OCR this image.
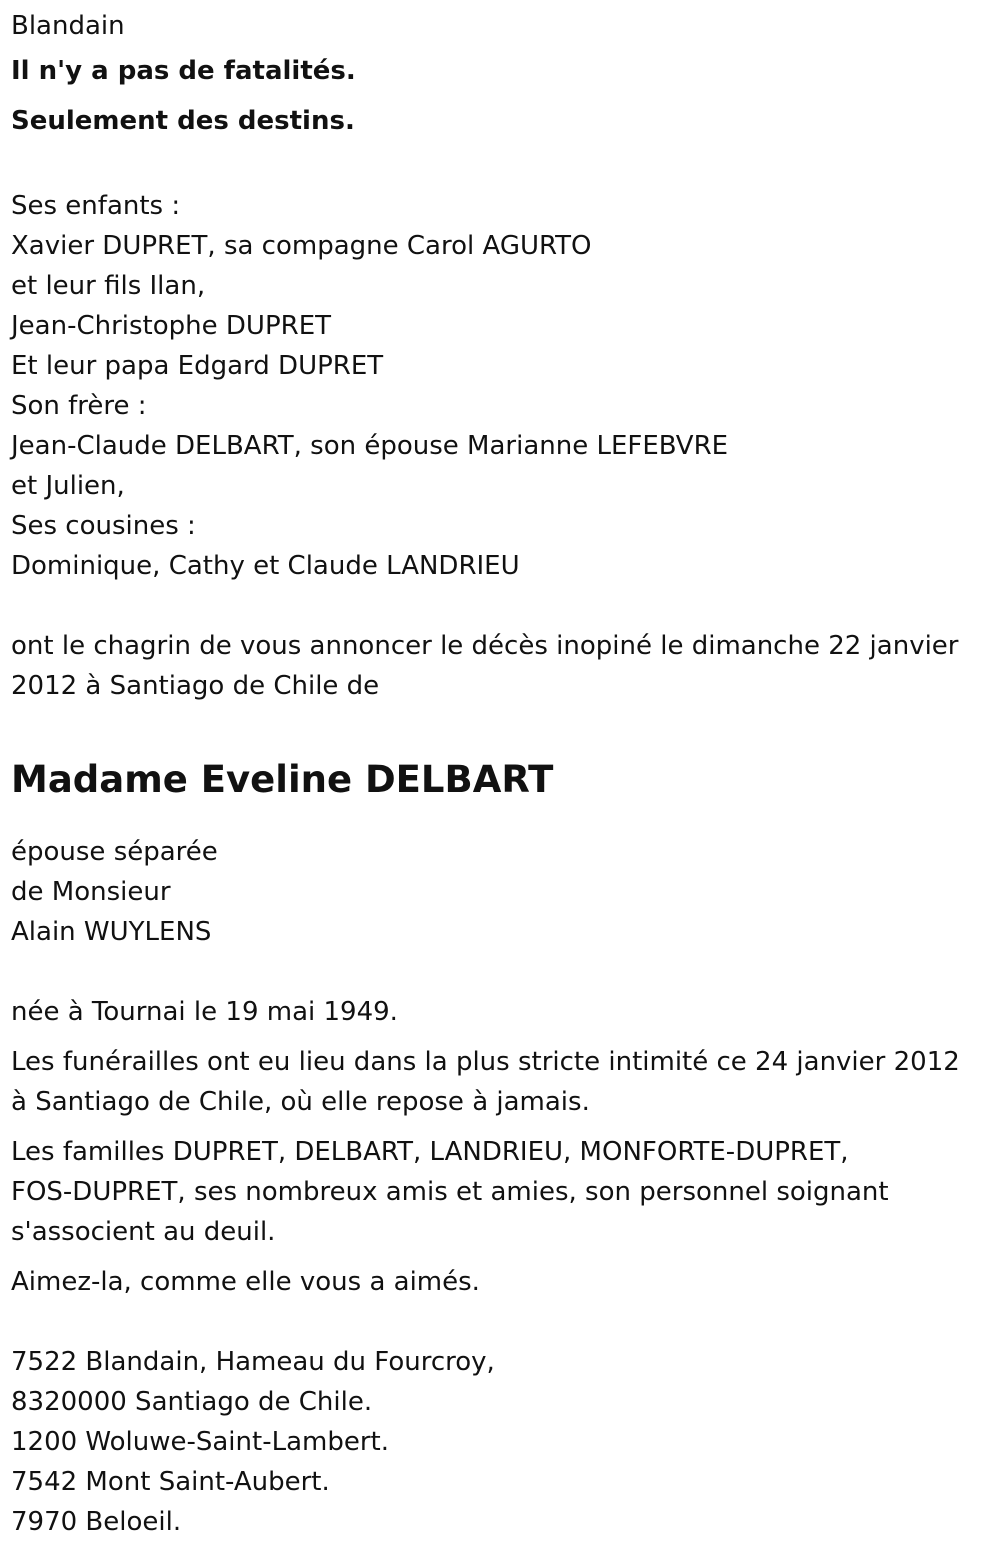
Blandain

Il n'y a pas de fatalités.

Seulement des destins.

Ses enfants :

Xavier DUPRET, sa compagne Carol AGURTO

et leur fils Ilan,

Jean-Christophe DUPRET

Et leur papa Edgard DUPRET

Son frère :

Jean-Claude DELBART, son épouse Marianne LEFEBVRE

et Julien,

Ses cousines :

Dominique, Cathy et Claude LANDRIEU

ont le chagrin de vous annoncer le décès inopiné le dimanche 22 janvier

2012 à Santiago de Chile de

Madame Eveline DELBART

épouse séparée

de Monsieur

Alain WUYLENS

née à Tournai le 19 mai 1949.

Les funérailles ont eu lieu dans la plus stricte intimité ce 24 janvier 2012

à Santiago de Chile, où elle repose à jamais.

Les familles DUPRET, DELBART, LANDRIEU, MONFORTE-DUPRET,

FOS-DUPRET, ses nombreux amis et amies, son personnel soignant

s'associent au deuil.

Aimez-la, comme elle vous a aimés.

7522 Blandain, Hameau du Fourcroy,

8320000 Santiago de Chile.

1200 Woluwe-Saint-Lambert.

7542 Mont Saint-Aubert.

7970 Beloeil.
